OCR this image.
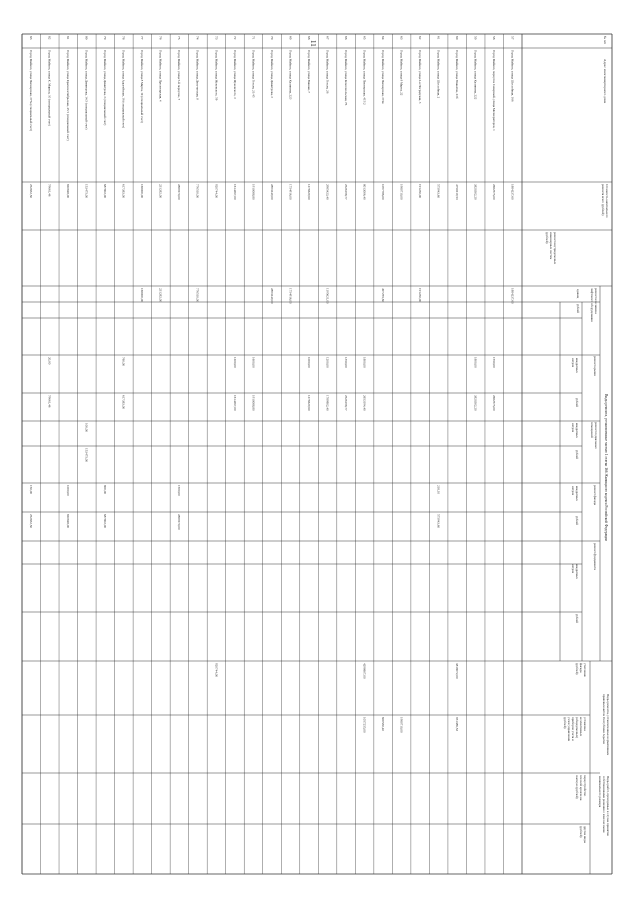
11	№ п/п
Адрес многоквартирного дома
Стоимость капитального
ремонта всего (рублей)
Виды ремонта, установленные частью 1 статьи 166 Жилищного кодекса Российской Федерации
Виды ремонта, установленные нормативным
правовым актом Республики Адыгея
Виды работ, проводимые в случае принятия
собственниками решения о взносах выше
минимального размера
ремонт внутридомовых
инженерных систем
(рублей)
ремонт или замена
лифтового оборудования
единиц
рублей
ремонт крыши
квадратных
метров
рублей
ремонт подвальных
помещений
квадратных
метров
рублей
ремонт фасада
квадратных
метров
рублей
ремонт фундамента
квадратных
метров
рублей
утепление
фасада
(рублей)
установка
коллективных
(общедомовых)
приборов учета и
узлов управления
(рублей)
переустройство
плоской кровли на
скатную (рублей)
другие виды
(рублей)
57
Город Майкоп, улица Шоссейная, 166
1884237,60
1884237,60
58
Город Майкоп, переулок Северный, улица Мелиораторов, 1
2682575,00
1550,00
2682575,00
59
Город Майкоп, улица Калинина, 222
3820302,20
1800,00
3820302,20
60
Город Майкоп, улица Юннатов, 23б
4750219,53
3818072,00
931386,53
61
Город Майкоп, улица Шоссейная, 2
575943,60
218,10
575943,60
62
Город Майкоп, улица 2-я Ноградская, 3
191230,00
191230,00
63
Город Майкоп, улица 8 Марта, 22
1980710,00
1980710,00
64
Город Майкоп, улица Пионерская, 374в
1097786,00
497255,60
600530,40
65
Город Майкоп, улица Пионерская, 415/2
8013006,40
1800,00
2653194,40
4298607,00
1057255,00
66
Город Майкоп, улица Комсомольская, 76
2526198,77
1350,00
2526198,77
67
Город Майкоп, улица Гоголя, 26
2985423,40
1195621,00
1200,00
1789802,40
68
Город Майкоп, улица Винная, 7
1276629,60
1000,00
1276629,60
69
Город Майкоп, улица Калинина, 223
1754916,00
1754916,00
70
Город Майкоп, улица Димитрова, 3
2893249,00
2893249,00
71
Город Майкоп, улица Гоголя, 21/45
1910088,80
1600,00
1910088,80
72
Город Майкоп, улица Жуковского, 3
1614267,00
1200,00
1614267,00
73
Город Майкоп, улица Жуковского, 59
920744,00
920744,00
74
Город Майкоп, улица Депутатская, 8
776510,00
776510,00
75
Город Майкоп, улица 5-й переулок, 7
2889270,00
1590,00
2889270,00
76
Город Майкоп, улица Пролетарская, 4
231282,00
231282,00
77
Город Майкоп, улица 8 Марта, 19 (специальный счет)
168000,00
168000,00
78
Город Майкоп, улица Адыгейская, 16 (специальный счет)
617383,00
760,00
617383,00
79
Город Майкоп, улица Димитрова, 3 (специальный счет)
687802,00
800,00
687802,00
80
Город Майкоп, улица Димитрова, 14/3 (специальный счет)
153475,00
100,00
153475,00
81
Город Майкоп, улица Краснооктябрьская, 45/1 (специальный счет)
820848,00
1000,00
820848,00
82
Город Майкоп, улица К. Маркса, 10 (специальный счет)
79661,46
20,00
79661,46
83
Город Майкоп, улица Пионерская, 377а (специальный счет)
252832,50
150,00
252832,50
